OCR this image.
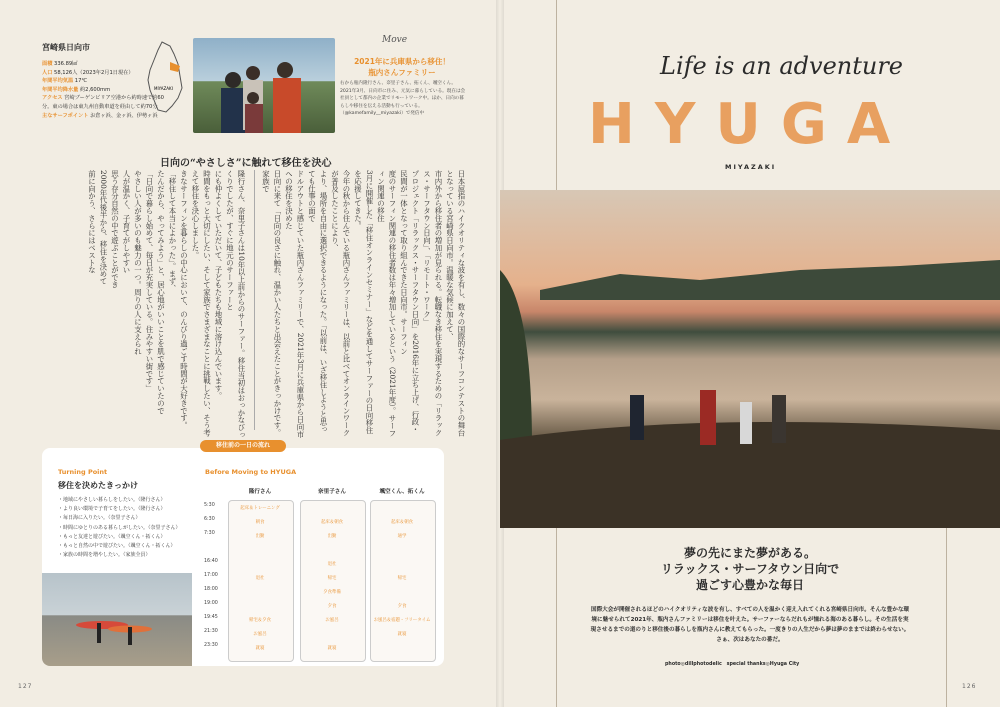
宮崎県日向市
面積 336.89㎢
人口 58,126人（2023年2月1日現在）
年間平均気温 17℃
年間平均降水量 約2,600mm
アクセス 宮崎ブーゲンビリア空港から約時速で約60分。東の場合は東九州自動車道を経由して約70分
主なサーフポイント お倉ヶ浜、金ヶ浜、伊勢ヶ浜
MIYAZAKI
Move
2021年に兵庫県から移住！
瓶内さんファミリー
右から瓶内隆行さん、奈里子さん、拓くん、颯空くん。2021年3月、日向市に住み、元気に暮らしている。現在は会社員として都内の企業でリモートワーク中。ほか、日向の暮らしや移住を伝える活動も行っている。（@kamefamily__miyazaki）で発信中
日向の“やさしさ”に触れて移住を決心

日本屈指のハイクオリティな波を有し、数々の国際的なサーフコンテストの舞台となっている宮崎県日向市。温暖な気候に加えて、

市内外から移住者の増加が見られる。転職なき移住を実現するための「リラックス・サーフタウン日向」、「リモート・ワーク」

プロジェクト「リラックス・サーフタウン日向」を2016年に立ち上げ、行政・民間が一体となって取り組んできた日向市。サーフィン

度のサーフィン関連の移住者数は年々増加しているという（2021年度）。サーフィン関連の移住

3月に開催した「移住オンラインセミナー」などを通してサーファーの日向移住を応援してきた。

今年の秋から住んでいる瓶内さんファミリーは、以前と比べてオンラインワークが普及したことにより、

より、場所を自由に選択できるようになった。「以前は、いざ移住しようと思っても仕事の面で

ドルアウトと感じていた瓶内さんファミリーで、2021年3月に兵庫県から日向市への移住を決めた

日向に来て「日向の良さに触れ、温かい人たちと出会えたことがきっかけです。家族で

隆行さん、奈里子さんは10年以上前からのサーファー。移住当初はおっかなびっくりでしたが、すぐに地元のサーファーと

にも仲よくしていただいて、子どもたちも地域に溶け込んでいます。

時間をもっと大切にしたい、そして家族でさまざまなことに挑戦したい、そう考えて移住を決心しました。

きなサーフィンを暮らしの中心において、のんびり過ごす時間が大好きです。

「移住して本当によかった」。まず、

たんだから、やってみよう」と、居心地がいいことを肌で感じていたので

「日向で暮らし始めて、毎日が充実している。住みやすい街です」

やさしい人が多いのも魅力の一つ。周りの人に支えられ

人が温かく、子育てがしやすい

思う存分自然の中で遊ぶことができ

2000年代後半から、移住を決めて

前に向かう、さらにはベストな

移住前の一日の流れ
Turning Point
移住を決めたきっかけ
・地域にやさしい暮らしをしたい。（隆行さん）
・より良い環境で子育てをしたい。（隆行さん）
・毎日海に入りたい。（奈里子さん）
・時間にゆとりのある暮らしがしたい。（奈里子さん）
・もっと友達と遊びたい。（颯空くん・拓くん）
・もっと自然の中で遊びたい。（颯空くん・拓くん）
・家族の時間を増やしたい。（家族全員）
Before Moving to HYUGA
隆行さん	奈里子さん	颯空くん、拓くん
5:30
6:30
7:30
16:40
17:00
18:00
19:00
19:45
21:30
23:30
起床＆トレーニング
朝食
出勤
退社
帰宅＆夕食
お風呂
就寝
起床＆朝食
出勤
退社
帰宅
夕食準備
夕食
お風呂
就寝
起床＆朝食
通学
帰宅
夕食
お風呂＆宿題・フリータイム
就寝
127
Life is an adventure
HYUGA
MIYAZAKI
夢の先にまた夢がある。
リラックス・サーフタウン日向で
過ごす心豊かな毎日
国際大会が開催されるほどのハイクオリティな波を有し、すべての人を温かく迎え入れてくれる宮崎県日向市。そんな豊かな環境に魅せられて2021年、瓶内さんファミリーは移住を叶えた。サーファーならだれもが憧れる海のある暮らし。その生活を実現させるまでの道のりと移住後の暮らしを瓶内さんに教えてもらった。一度きりの人生だから夢は夢のままでは終わらせない。さぁ、次はあなたの番だ。
photo◎dillphotodelic　special thanks◎Hyuga City
126
